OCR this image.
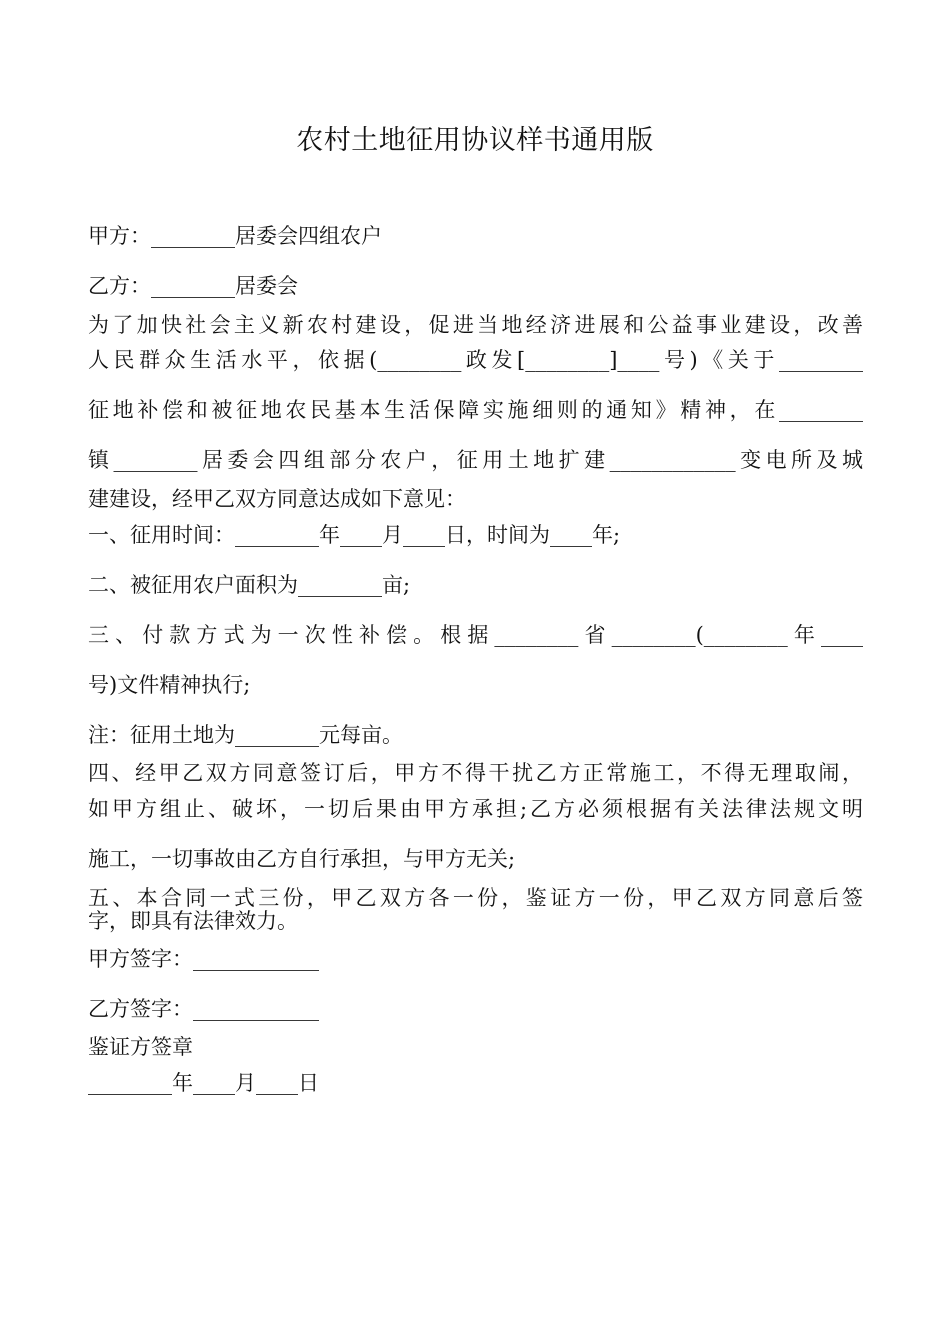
农村土地征用协议样书通用版
甲方：________居委会四组农户
乙方：________居委会
为了加快社会主义新农村建设，促进当地经济进展和公益事业建设，改善
人民群众生活水平，依据(________政发[________]____号)《关于________
征地补偿和被征地农民基本生活保障实施细则的通知》精神，在________
镇________居委会四组部分农户，征用土地扩建____________变电所及城
建建设，经甲乙双方同意达成如下意见：
一、征用时间：________年____月____日，时间为____年;
二、被征用农户面积为________亩;
三、付款方式为一次性补偿。根据________省________(________年____
号)文件精神执行;
注：征用土地为________元每亩。
四、经甲乙双方同意签订后，甲方不得干扰乙方正常施工，不得无理取闹，
如甲方组止、破坏，一切后果由甲方承担;乙方必须根据有关法律法规文明
施工，一切事故由乙方自行承担，与甲方无关;
五、本合同一式三份，甲乙双方各一份，鉴证方一份，甲乙双方同意后签
字，即具有法律效力。
甲方签字：____________
乙方签字：____________
鉴证方签章
________年____月____日
